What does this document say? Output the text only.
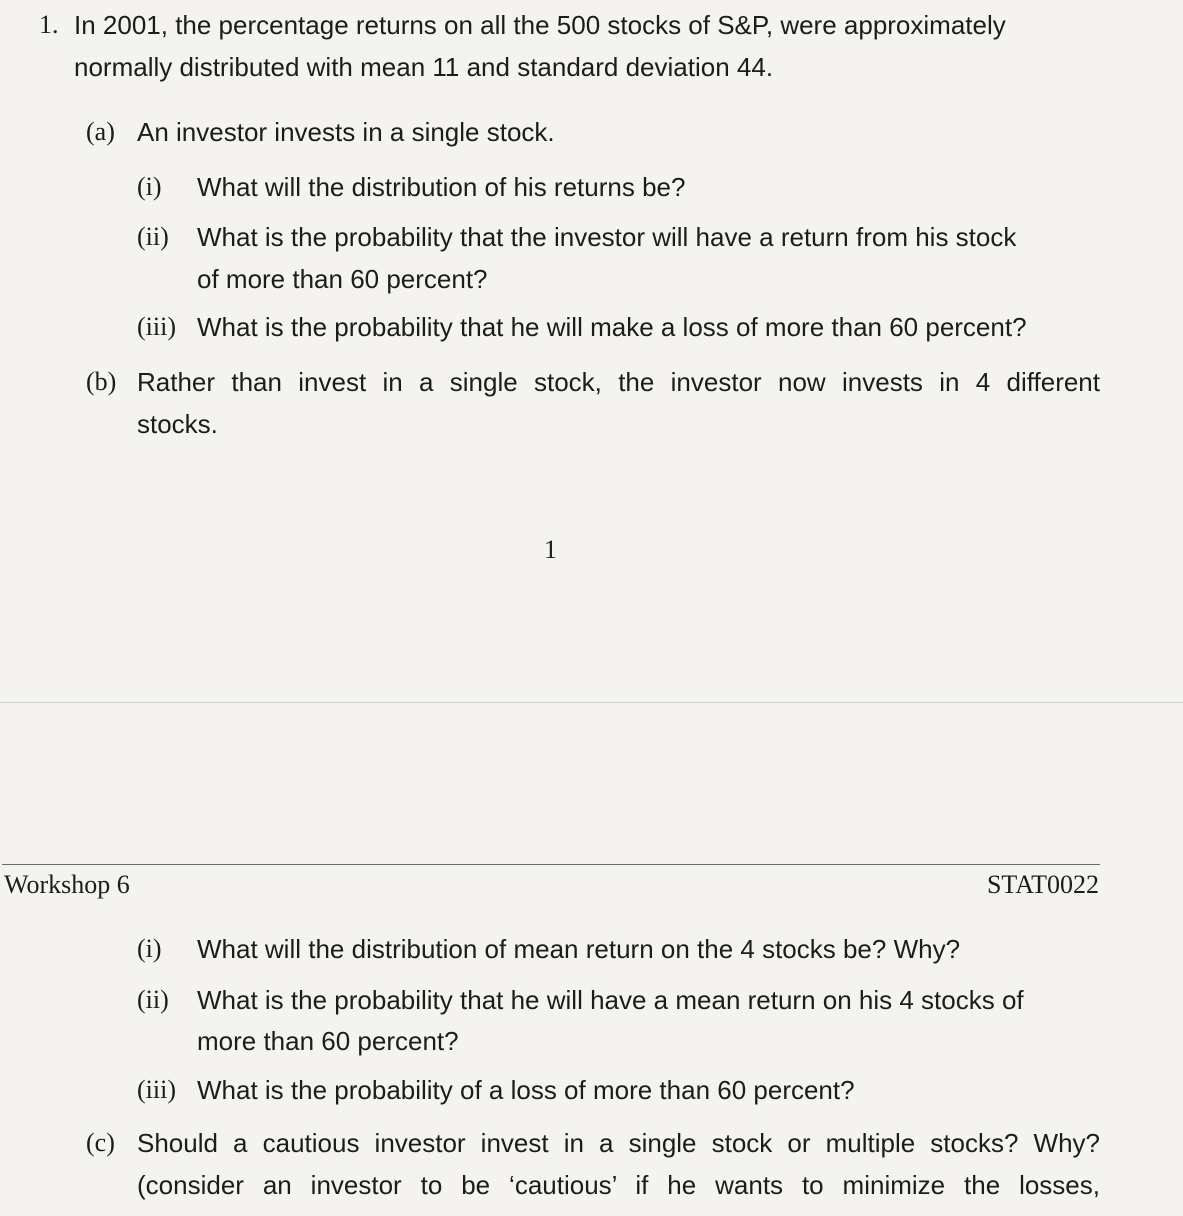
1. In 2001, the percentage returns on all the 500 stocks of S&P, were approximately
normally distributed with mean 11 and standard deviation 44.
(a) An investor invests in a single stock.
(i) What will the distribution of his returns be?
(ii) What is the probability that the investor will have a return from his stock
of more than 60 percent?
(iii) What is the probability that he will make a loss of more than 60 percent?
(b) Rather than invest in a single stock, the investor now invests in 4 different
stocks.
1
Workshop 6	STAT0022
(i) What will the distribution of mean return on the 4 stocks be? Why?
(ii) What is the probability that he will have a mean return on his 4 stocks of
more than 60 percent?
(iii) What is the probability of a loss of more than 60 percent?
(c) Should a cautious investor invest in a single stock or multiple stocks? Why?
(consider an investor to be ‘cautious’ if he wants to minimize the losses,
